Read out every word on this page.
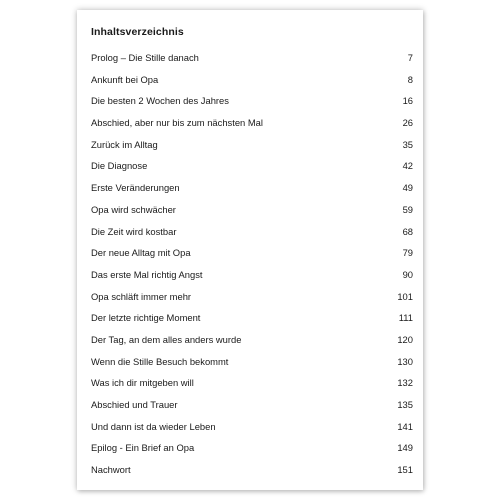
Inhaltsverzeichnis
Prolog – Die Stille danach	7
Ankunft bei Opa	8
Die besten 2 Wochen des Jahres	16
Abschied, aber nur bis zum nächsten Mal	26
Zurück im Alltag	35
Die Diagnose	42
Erste Veränderungen	49
Opa wird schwächer	59
Die Zeit wird kostbar	68
Der neue Alltag mit Opa	79
Das erste Mal richtig Angst	90
Opa schläft immer mehr	101
Der letzte richtige Moment	111
Der Tag, an dem alles anders wurde	120
Wenn die Stille Besuch bekommt	130
Was ich dir mitgeben will	132
Abschied und Trauer	135
Und dann ist da wieder Leben	141
Epilog - Ein Brief an Opa	149
Nachwort	151
